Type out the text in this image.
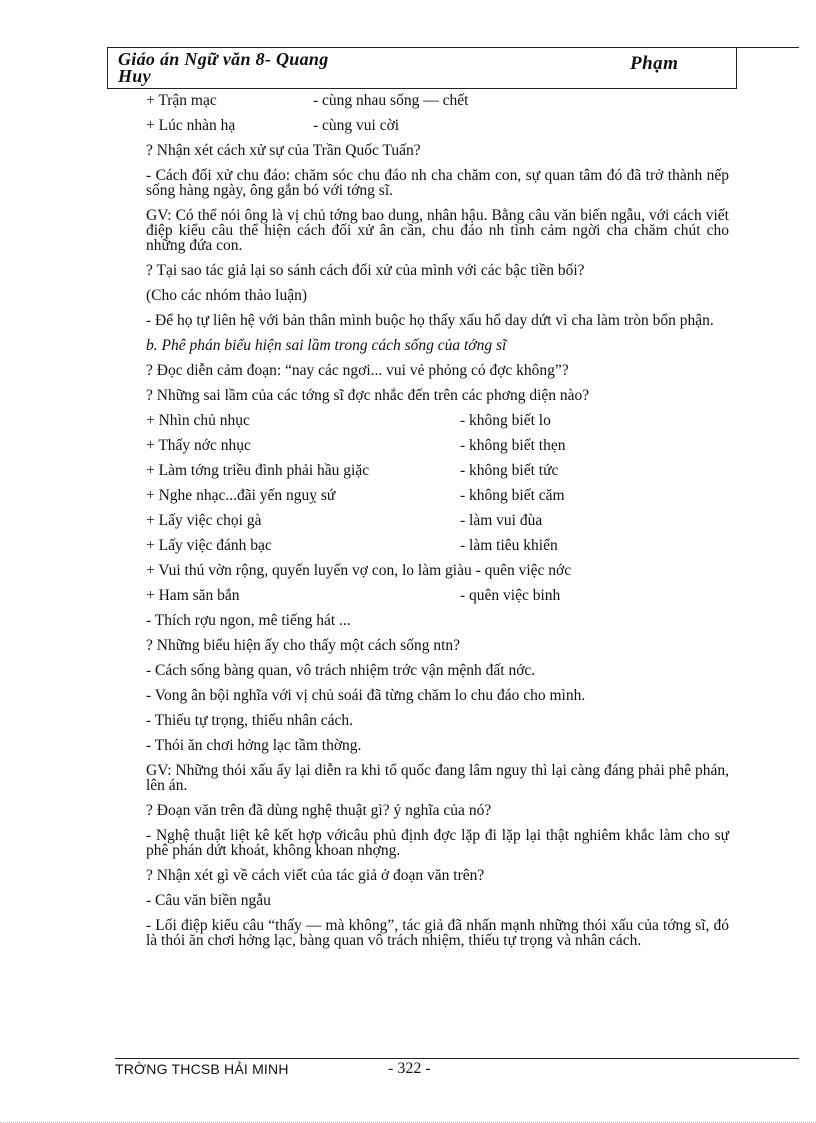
Giáo án Ngữ văn 8- Quang Huy
Phạm
+ Trận mạc	- cùng nhau sống — chết
+ Lúc nhàn hạ	- cùng vui cời
? Nhận xét cách xử sự của Trần Quốc Tuấn?
- Cách đối xử chu đáo: chăm sóc chu đáo nh cha chăm con, sự quan tâm đó đã trở thành nếp sống hàng ngày, ông gắn bó với tớng sĩ.
GV: Có thể nói ông là vị chủ tớng bao dung, nhân hậu. Bằng câu văn biến ngẫu, với cách viết điệp kiểu câu thể hiện cách đối xử ân cần, chu đáo nh tình cảm ngời cha chăm chút cho những đứa con.
? Tại sao tác giả lại so sánh cách đối xử của mình với các bậc tiền bối?
(Cho các nhóm thảo luận)
- Để họ tự liên hệ với bản thân mình buộc họ thấy xấu hổ day dứt vì cha làm tròn bổn phận.
b. Phê phán biểu hiện sai lầm trong cách sống của tớng sĩ
? Đọc diễn cảm đoạn: “nay các ngơi... vui vẻ phỏng có đợc không”?
? Những sai lầm của các tớng sĩ đợc nhắc đến trên các phơng diện nào?
+ Nhìn chủ nhục	- không biết lo
+ Thấy nớc nhục	- không biết thẹn
+ Làm tớng triều đình phải hầu giặc	- không biết tức
+ Nghe nhạc...đãi yến nguỵ sứ	- không biết căm
+ Lấy việc chọi gà	- làm vui đùa
+ Lấy việc đánh bạc	- làm tiêu khiển
+ Vui thú vờn rộng, quyến luyến vợ con, lo làm giàu - quên việc nớc
+ Ham săn bắn	- quên việc binh
- Thích rợu ngon, mê tiếng hát ...
? Những biểu hiện ấy cho thấy một cách sống ntn?
- Cách sống bàng quan, vô trách nhiệm trớc vận mệnh đất nớc.
- Vong ân bội nghĩa với vị chủ soái đã từng chăm lo chu đáo cho mình.
- Thiếu tự trọng, thiếu nhân cách.
- Thói ăn chơi hởng lạc tầm thờng.
GV: Những thói xấu ấy lại diễn ra khi tổ quốc đang lâm nguy thì lại càng đáng phải phê phán, lên án.
? Đoạn văn trên đã dùng nghệ thuật gì? ý nghĩa của nó?
- Nghệ thuật liệt kê kết hợp vớicâu phủ định đợc lặp đi lặp lại thật nghiêm khắc làm cho sự phê phán dứt khoát, không khoan nhợng.
? Nhận xét gì về cách viết của tác giả ở đoạn văn trên?
- Câu văn biền ngẫu
- Lối điệp kiểu câu “thấy — mà không”, tác giả đã nhấn mạnh những thói xấu của tớng sĩ, đó là thói ăn chơi hởng lạc, bàng quan vô trách nhiệm, thiếu tự trọng và nhân cách.
TRỜNG THCSB HẢI MINH	- 322 -
